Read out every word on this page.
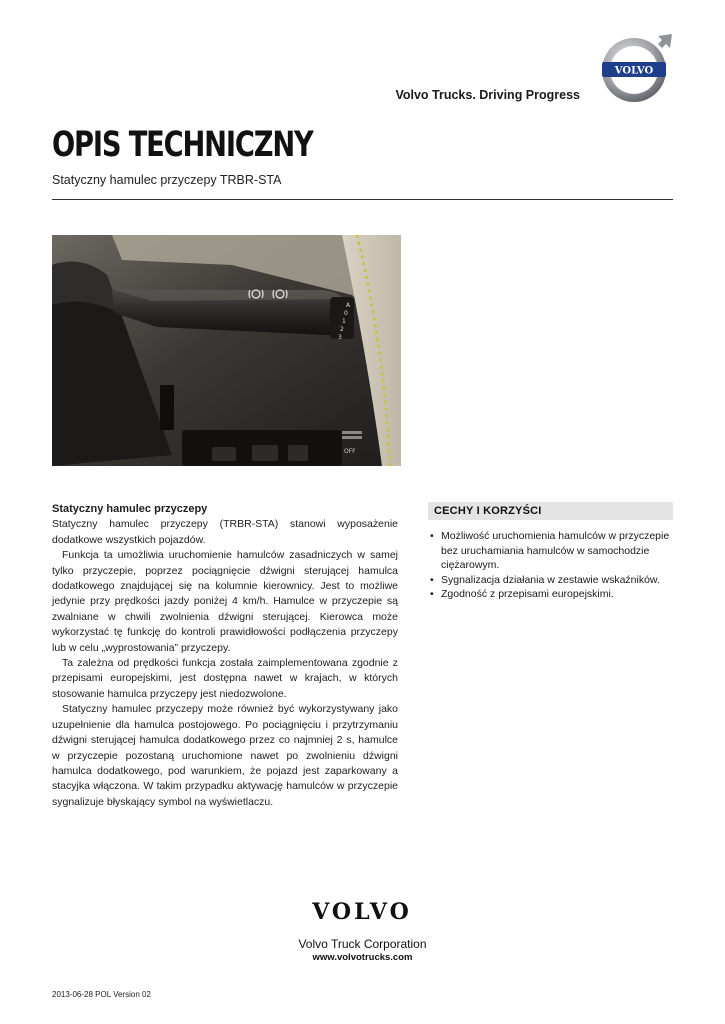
VOLVO
Volvo Trucks. Driving Progress
OPIS TECHNICZNY
Statyczny hamulec przyczepy TRBR-STA
A
0
1
2
3
OFF

Statyczny hamulec przyczepy

Statyczny hamulec przyczepy (TRBR-STA) stanowi wyposażenie dodatkowe wszystkich pojazdów.

Funkcja ta umożliwia uruchomienie hamulców zasadniczych w samej tylko przyczepie, poprzez pociągnięcie dźwigni sterującej hamulca dodatkowego znajdującej się na kolumnie kierownicy. Jest to możliwe jedynie przy prędkości jazdy poniżej 4 km/h. Hamulce w przyczepie są zwalniane w chwili zwolnienia dźwigni sterującej. Kierowca może wykorzystać tę funkcję do kontroli prawidłowości podłączenia przyczepy lub w celu „wyprostowania” przyczepy.

Ta zależna od prędkości funkcja została zaimplementowana zgodnie z przepisami europejskimi, jest dostępna nawet w krajach, w których stosowanie hamulca przyczepy jest niedozwolone.

Statyczny hamulec przyczepy może również być wykorzystywany jako uzupełnienie dla hamulca postojowego. Po pociągnięciu i przytrzymaniu dźwigni sterującej hamulca dodatkowego przez co najmniej 2 s, hamulce w przyczepie pozostaną uruchomione nawet po zwolnieniu dźwigni hamulca dodatkowego, pod warunkiem, że pojazd jest zaparkowany a stacyjka włączona. W takim przypadku aktywację hamulców w przyczepie sygnalizuje błyskający symbol na wyświetlaczu.

CECHY I KORZYŚCI
• Możliwość uruchomienia hamulców w przyczepie bez uruchamiania hamulców w samochodzie ciężarowym.
• Sygnalizacja działania w zestawie wskaźników.
• Zgodność z przepisami europejskimi.
VOLVO
Volvo Truck Corporation
www.volvotrucks.com
2013-06-28 POL Version 02
